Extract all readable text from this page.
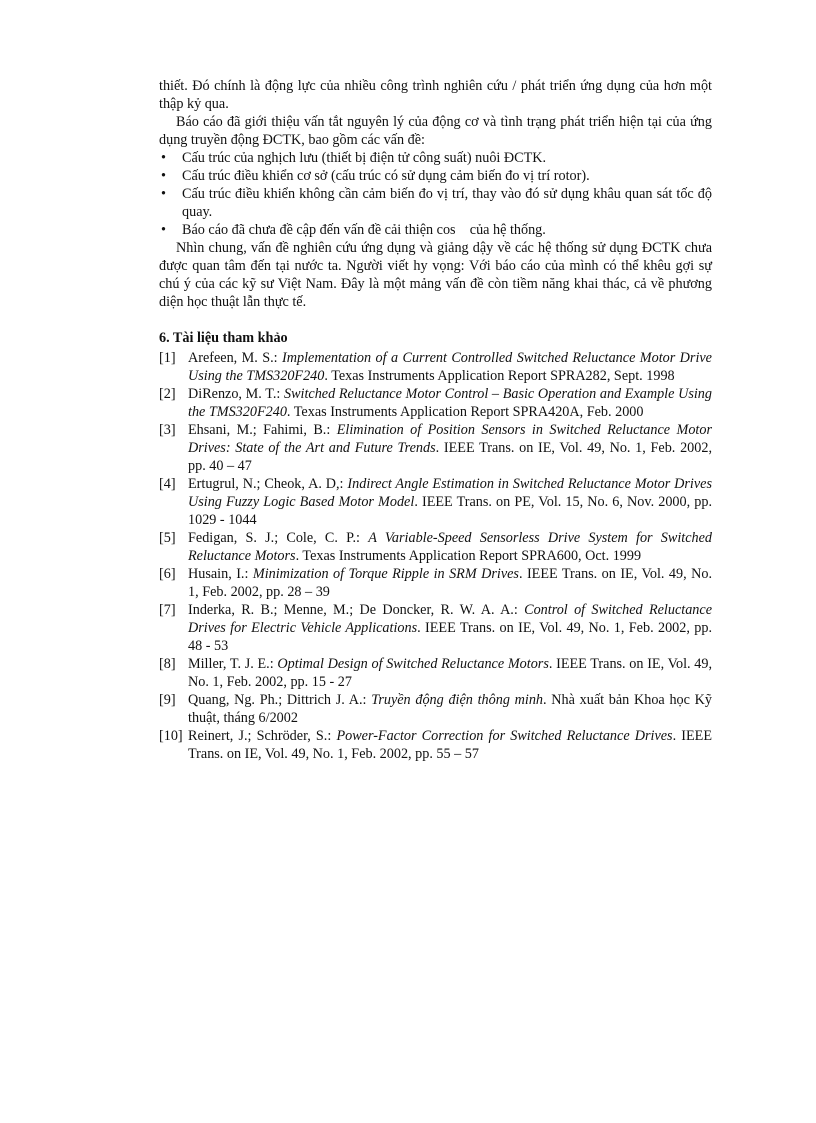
thiết. Đó chính là động lực của nhiều công trình nghiên cứu / phát triển ứng dụng của hơn một thập kỷ qua.

Báo cáo đã giới thiệu vấn tắt nguyên lý của động cơ và tình trạng phát triển hiện tại của ứng dụng truyền động ĐCTK, bao gồm các vấn đề:

• Cấu trúc của nghịch lưu (thiết bị điện tử công suất) nuôi ĐCTK.
• Cấu trúc điều khiển cơ sở (cấu trúc có sử dụng cảm biến đo vị trí rotor).
• Cấu trúc điều khiển không cần cảm biến đo vị trí, thay vào đó sử dụng khâu quan sát tốc độ quay.
• Báo cáo đã chưa đề cập đến vấn đề cải thiện cos    của hệ thống.

Nhìn chung, vấn đề nghiên cứu ứng dụng và giảng dậy về các hệ thống sử dụng ĐCTK chưa được quan tâm đến tại nước ta. Người viết hy vọng: Với báo cáo của mình có thể khêu gợi sự chú ý của các kỹ sư Việt Nam. Đây là một mảng vấn đề còn tiềm năng khai thác, cả về phương diện học thuật lẫn thực tế.

6. Tài liệu tham khảo
[1] Arefeen, M. S.: Implementation of a Current Controlled Switched Reluctance Motor Drive Using the TMS320F240. Texas Instruments Application Report SPRA282, Sept. 1998
[2] DiRenzo, M. T.: Switched Reluctance Motor Control – Basic Operation and Example Using the TMS320F240. Texas Instruments Application Report SPRA420A, Feb. 2000
[3] Ehsani, M.; Fahimi, B.: Elimination of Position Sensors in Switched Reluctance Motor Drives: State of the Art and Future Trends. IEEE Trans. on IE, Vol. 49, No. 1, Feb. 2002, pp. 40 – 47
[4] Ertugrul, N.; Cheok, A. D,: Indirect Angle Estimation in Switched Reluctance Motor Drives Using Fuzzy Logic Based Motor Model. IEEE Trans. on PE, Vol. 15, No. 6, Nov. 2000, pp. 1029 - 1044
[5] Fedigan, S. J.; Cole, C. P.: A Variable-Speed Sensorless Drive System for Switched Reluctance Motors. Texas Instruments Application Report SPRA600, Oct. 1999
[6] Husain, I.: Minimization of Torque Ripple in SRM Drives. IEEE Trans. on IE, Vol. 49, No. 1, Feb. 2002, pp. 28 – 39
[7] Inderka, R. B.; Menne, M.; De Doncker, R. W. A. A.: Control of Switched Reluctance Drives for Electric Vehicle Applications. IEEE Trans. on IE, Vol. 49, No. 1, Feb. 2002, pp. 48 - 53
[8] Miller, T. J. E.: Optimal Design of Switched Reluctance Motors. IEEE Trans. on IE, Vol. 49, No. 1, Feb. 2002, pp. 15 - 27
[9] Quang, Ng. Ph.; Dittrich J. A.: Truyền động điện thông minh. Nhà xuất bản Khoa học Kỹ thuật, tháng 6/2002
[10] Reinert, J.; Schröder, S.: Power-Factor Correction for Switched Reluctance Drives. IEEE Trans. on IE, Vol. 49, No. 1, Feb. 2002, pp. 55 – 57
